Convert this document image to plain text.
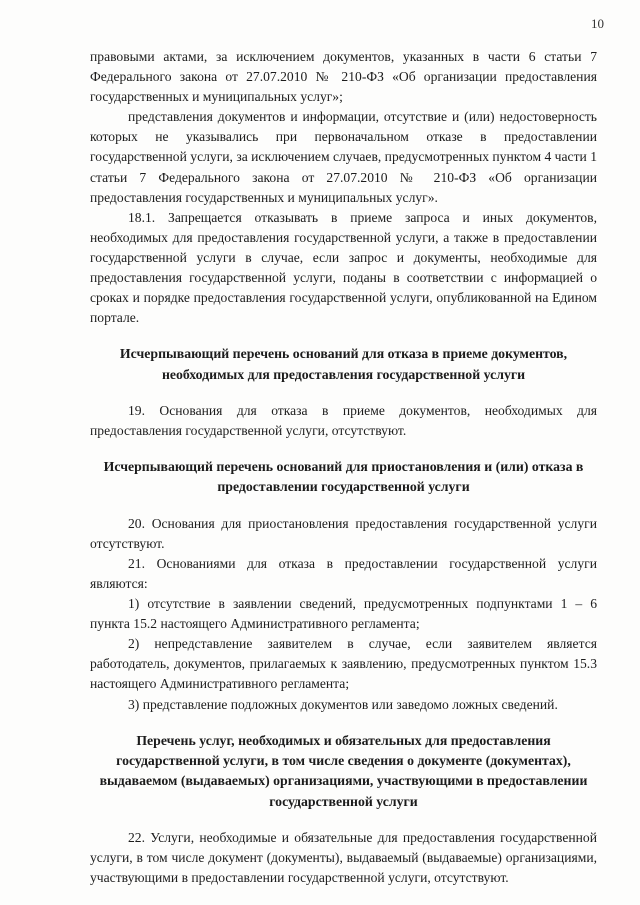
10

правовыми актами, за исключением документов, указанных в части 6 статьи 7 Федерального закона от 27.07.2010 № 210-ФЗ «Об организации предоставления государственных и муниципальных услуг»;

представления документов и информации, отсутствие и (или) недостоверность которых не указывались при первоначальном отказе в предоставлении государственной услуги, за исключением случаев, предусмотренных пунктом 4 части 1 статьи 7 Федерального закона от 27.07.2010 № 210-ФЗ «Об организации предоставления государственных и муниципальных услуг».

18.1. Запрещается отказывать в приеме запроса и иных документов, необходимых для предоставления государственной услуги, а также в предоставлении государственной услуги в случае, если запрос и документы, необходимые для предоставления государственной услуги, поданы в соответствии с информацией о сроках и порядке предоставления государственной услуги, опубликованной на Едином портале.

Исчерпывающий перечень оснований для отказа в приеме документов, необходимых для предоставления государственной услуги

19. Основания для отказа в приеме документов, необходимых для предоставления государственной услуги, отсутствуют.

Исчерпывающий перечень оснований для приостановления и (или) отказа в предоставлении государственной услуги

20. Основания для приостановления предоставления государственной услуги отсутствуют.

21. Основаниями для отказа в предоставлении государственной услуги являются:

1) отсутствие в заявлении сведений, предусмотренных подпунктами 1 – 6 пункта 15.2 настоящего Административного регламента;

2) непредставление заявителем в случае, если заявителем является работодатель, документов, прилагаемых к заявлению, предусмотренных пунктом 15.3 настоящего Административного регламента;

3) представление подложных документов или заведомо ложных сведений.

Перечень услуг, необходимых и обязательных для предоставления государственной услуги, в том числе сведения о документе (документах), выдаваемом (выдаваемых) организациями, участвующими в предоставлении государственной услуги

22. Услуги, необходимые и обязательные для предоставления государственной услуги, в том числе документ (документы), выдаваемый (выдаваемые) организациями, участвующими в предоставлении государственной услуги, отсутствуют.
